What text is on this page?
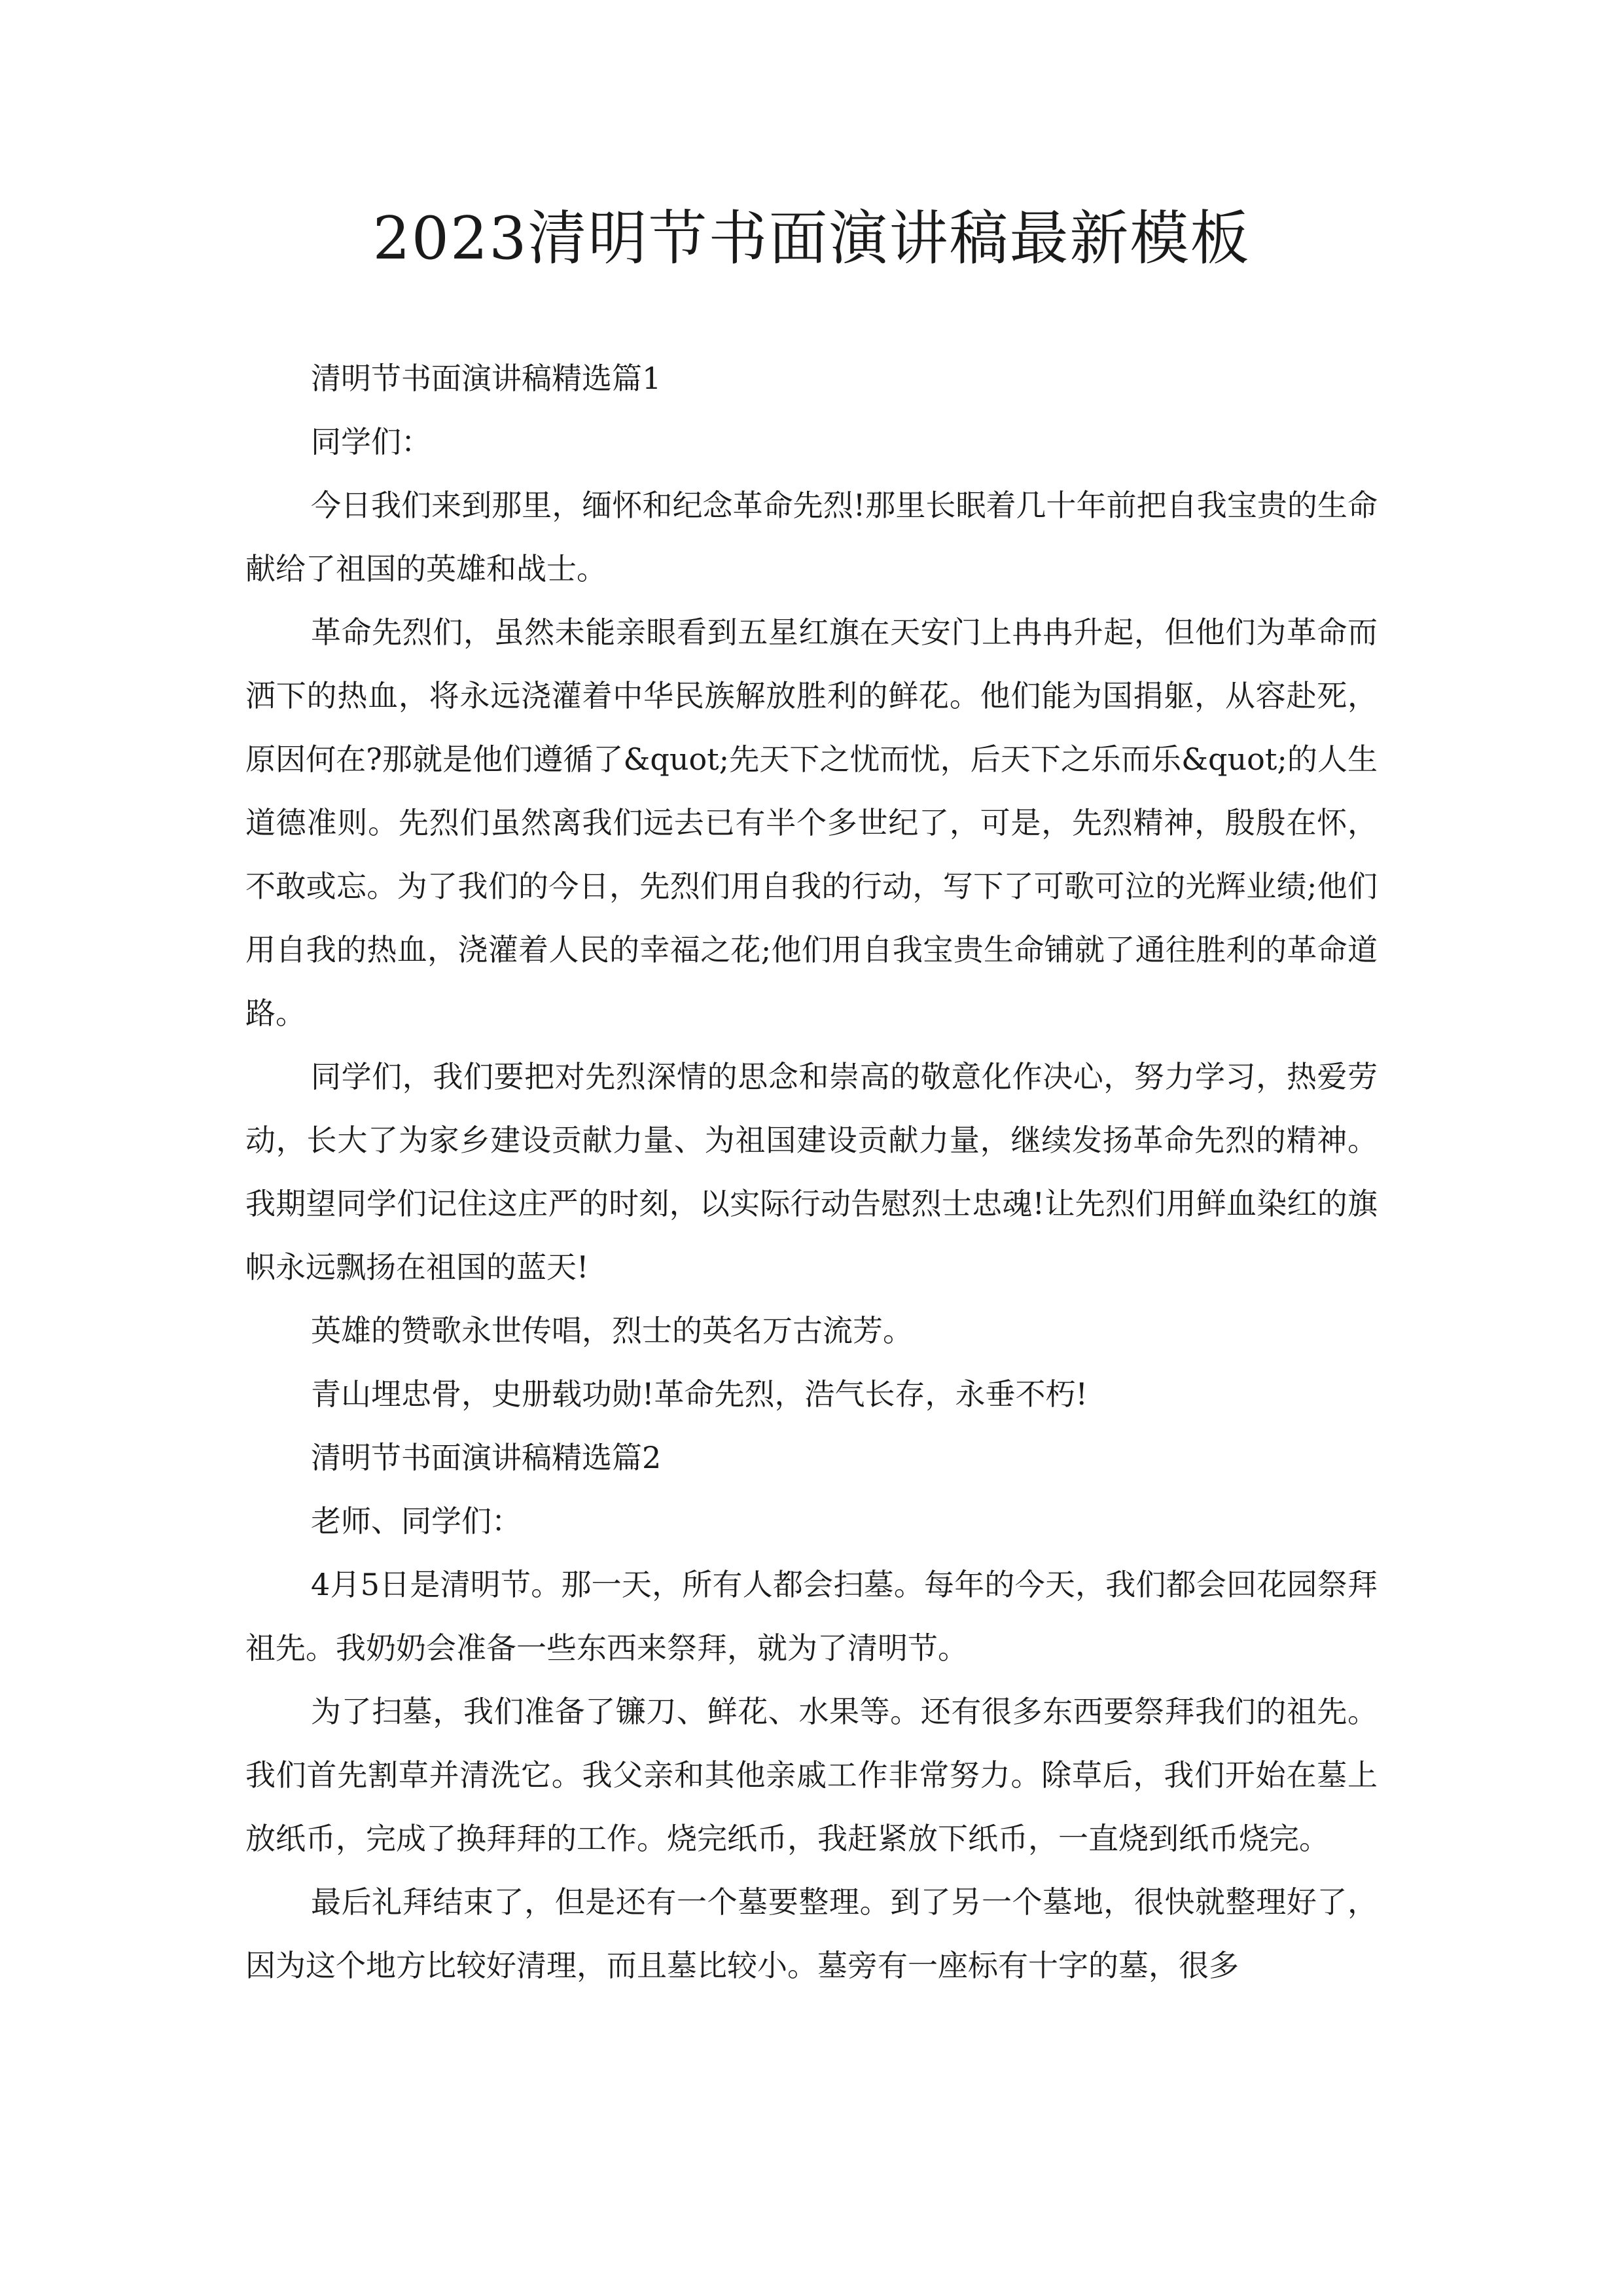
2023清明节书面演讲稿最新模板

清明节书面演讲稿精选篇1

同学们：

今日我们来到那里，缅怀和纪念革命先烈!那里长眠着几十年前把自我宝贵的生命献给了祖国的英雄和战士。

革命先烈们，虽然未能亲眼看到五星红旗在天安门上冉冉升起，但他们为革命而洒下的热血，将永远浇灌着中华民族解放胜利的鲜花。他们能为国捐躯，从容赴死，原因何在?那就是他们遵循了&quot;先天下之忧而忧，后天下之乐而乐&quot;的人生道德准则。先烈们虽然离我们远去已有半个多世纪了，可是，先烈精神，殷殷在怀，不敢或忘。为了我们的今日，先烈们用自我的行动，写下了可歌可泣的光辉业绩;他们用自我的热血，浇灌着人民的幸福之花;他们用自我宝贵生命铺就了通往胜利的革命道路。

同学们，我们要把对先烈深情的思念和崇高的敬意化作决心，努力学习，热爱劳动，长大了为家乡建设贡献力量、为祖国建设贡献力量，继续发扬革命先烈的精神。我期望同学们记住这庄严的时刻，以实际行动告慰烈士忠魂!让先烈们用鲜血染红的旗帜永远飘扬在祖国的蓝天!

英雄的赞歌永世传唱，烈士的英名万古流芳。

青山埋忠骨，史册载功勋!革命先烈，浩气长存，永垂不朽!

清明节书面演讲稿精选篇2

老师、同学们：

4月5日是清明节。那一天，所有人都会扫墓。每年的今天，我们都会回花园祭拜祖先。我奶奶会准备一些东西来祭拜，就为了清明节。

为了扫墓，我们准备了镰刀、鲜花、水果等。还有很多东西要祭拜我们的祖先。我们首先割草并清洗它。我父亲和其他亲戚工作非常努力。除草后，我们开始在墓上放纸币，完成了换拜拜的工作。烧完纸币，我赶紧放下纸币，一直烧到纸币烧完。

最后礼拜结束了，但是还有一个墓要整理。到了另一个墓地，很快就整理好了，因为这个地方比较好清理，而且墓比较小。墓旁有一座标有十字的墓，很多
